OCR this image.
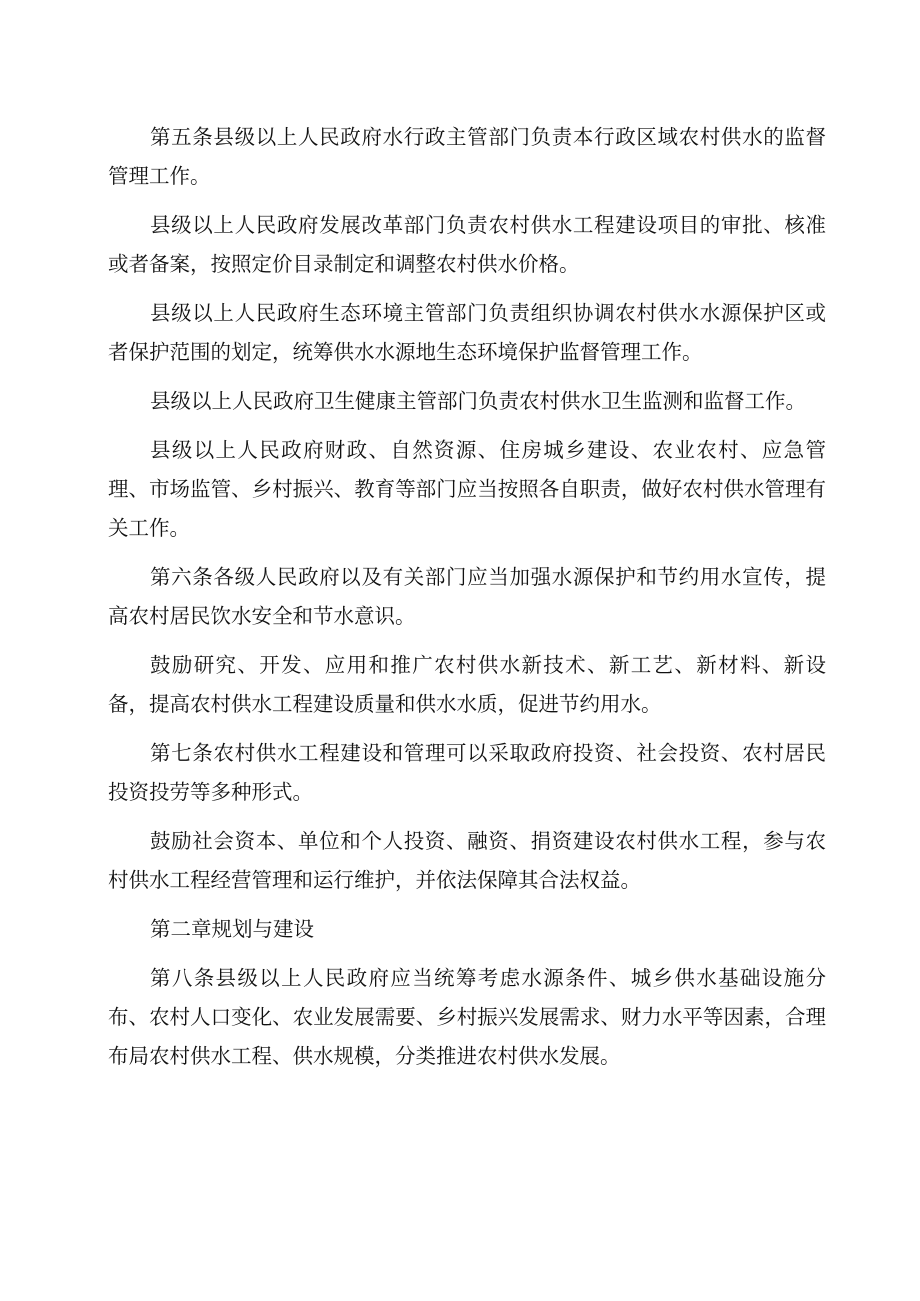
第五条县级以上人民政府水行政主管部门负责本行政区域农村供水的监督管理工作。

县级以上人民政府发展改革部门负责农村供水工程建设项目的审批、核准或者备案，按照定价目录制定和调整农村供水价格。

县级以上人民政府生态环境主管部门负责组织协调农村供水水源保护区或者保护范围的划定，统筹供水水源地生态环境保护监督管理工作。

县级以上人民政府卫生健康主管部门负责农村供水卫生监测和监督工作。

县级以上人民政府财政、自然资源、住房城乡建设、农业农村、应急管理、市场监管、乡村振兴、教育等部门应当按照各自职责，做好农村供水管理有关工作。

第六条各级人民政府以及有关部门应当加强水源保护和节约用水宣传，提高农村居民饮水安全和节水意识。

鼓励研究、开发、应用和推广农村供水新技术、新工艺、新材料、新设备，提高农村供水工程建设质量和供水水质，促进节约用水。

第七条农村供水工程建设和管理可以采取政府投资、社会投资、农村居民投资投劳等多种形式。

鼓励社会资本、单位和个人投资、融资、捐资建设农村供水工程，参与农村供水工程经营管理和运行维护，并依法保障其合法权益。

第二章规划与建设

第八条县级以上人民政府应当统筹考虑水源条件、城乡供水基础设施分布、农村人口变化、农业发展需要、乡村振兴发展需求、财力水平等因素，合理布局农村供水工程、供水规模，分类推进农村供水发展。
